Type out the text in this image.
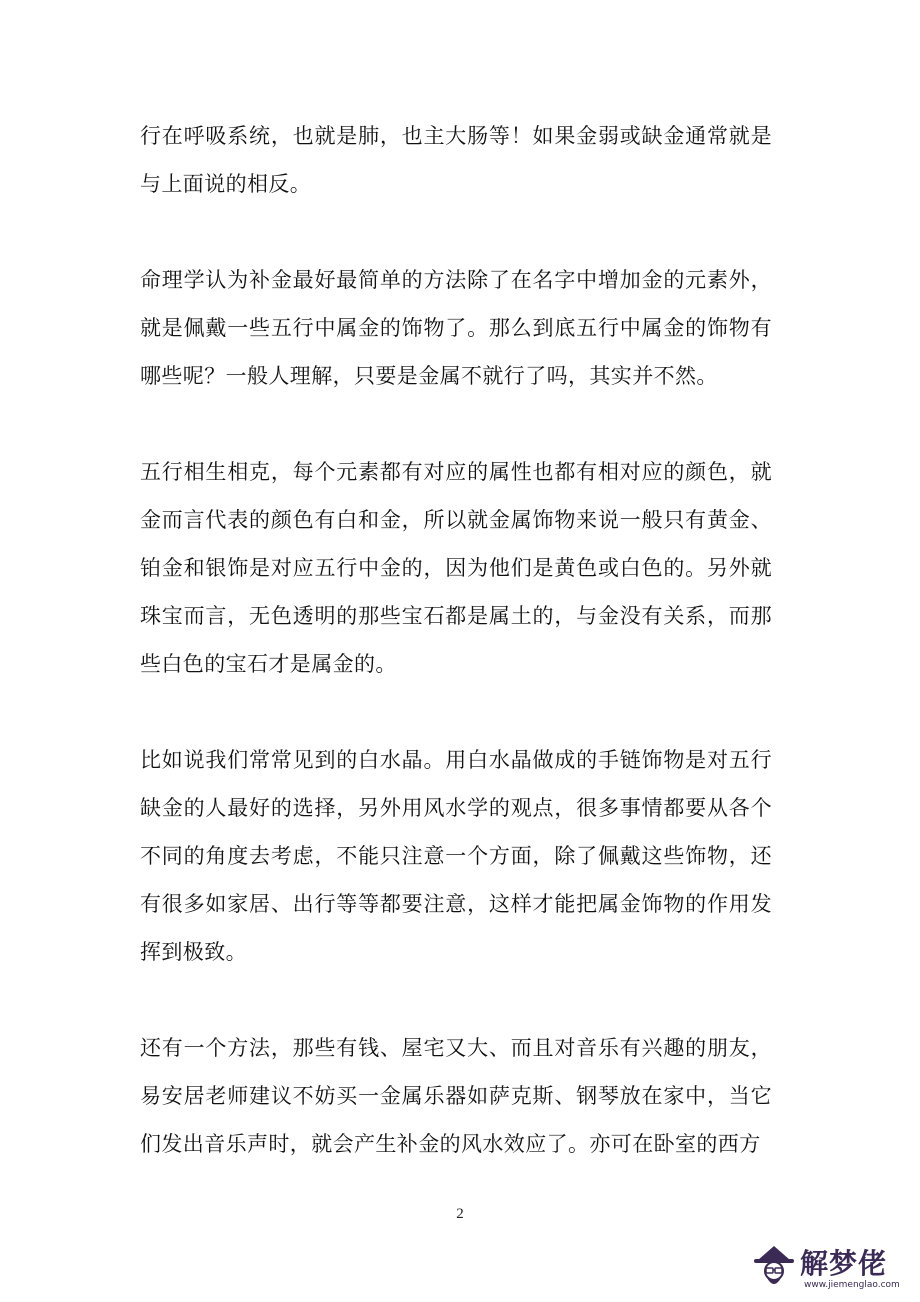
行在呼吸系统，也就是肺，也主大肠等！如果金弱或缺金通常就是与上面说的相反。

命理学认为补金最好最简单的方法除了在名字中增加金的元素外，就是佩戴一些五行中属金的饰物了。那么到底五行中属金的饰物有哪些呢？一般人理解，只要是金属不就行了吗，其实并不然。

五行相生相克，每个元素都有对应的属性也都有相对应的颜色，就金而言代表的颜色有白和金，所以就金属饰物来说一般只有黄金、铂金和银饰是对应五行中金的，因为他们是黄色或白色的。另外就珠宝而言，无色透明的那些宝石都是属土的，与金没有关系，而那些白色的宝石才是属金的。

比如说我们常常见到的白水晶。用白水晶做成的手链饰物是对五行缺金的人最好的选择，另外用风水学的观点，很多事情都要从各个不同的角度去考虑，不能只注意一个方面，除了佩戴这些饰物，还有很多如家居、出行等等都要注意，这样才能把属金饰物的作用发挥到极致。

还有一个方法，那些有钱、屋宅又大、而且对音乐有兴趣的朋友，易安居老师建议不妨买一金属乐器如萨克斯、钢琴放在家中，当它们发出音乐声时，就会产生补金的风水效应了。亦可在卧室的西方

2
解梦佬
www.jiemenglao.com
